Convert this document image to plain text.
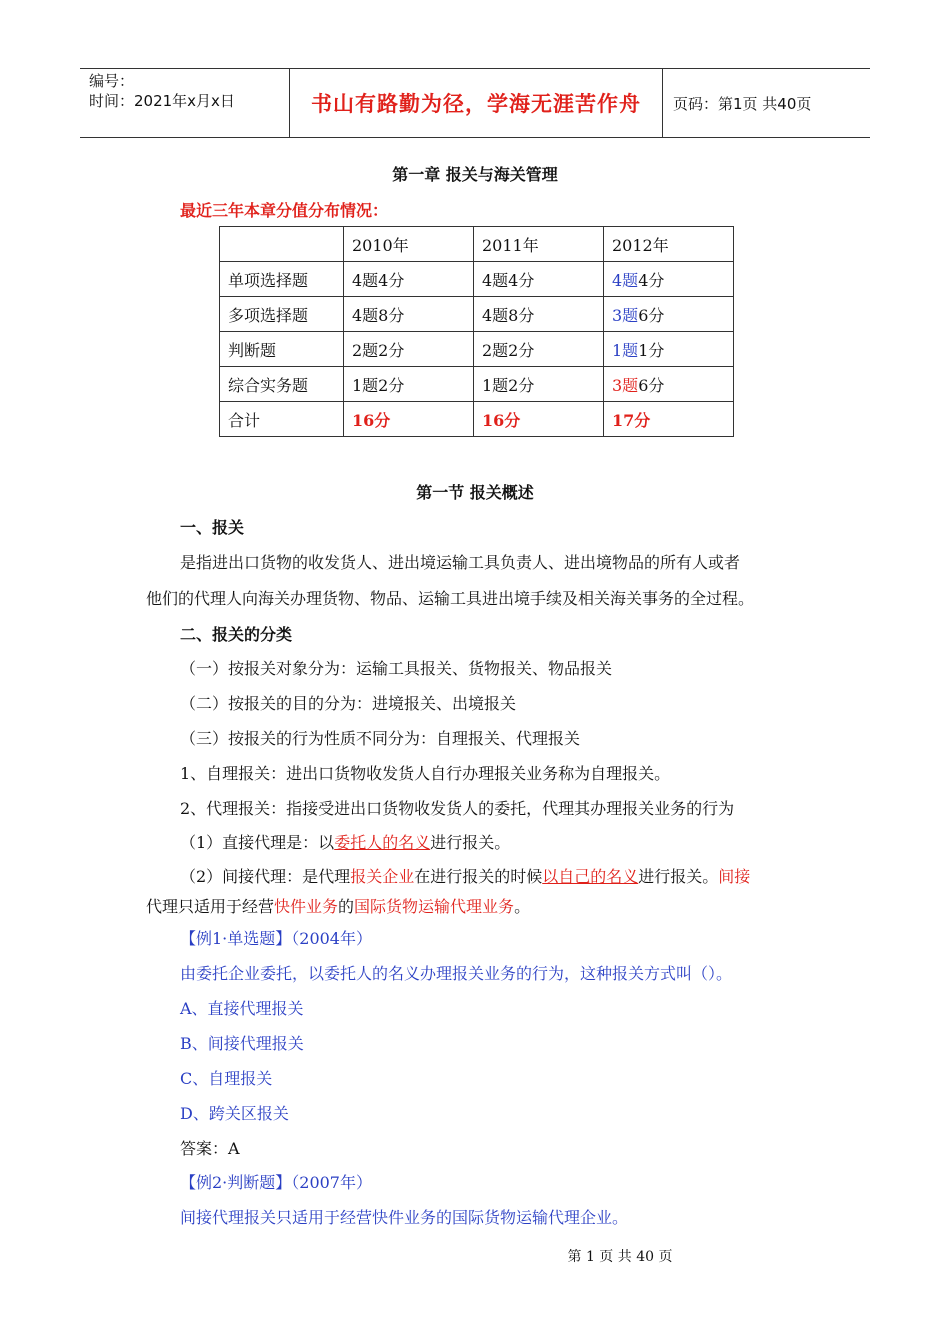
编号：
时间：2021年x月x日	书山有路勤为径，学海无涯苦作舟 页码：第1页 共40页
第一章 报关与海关管理
最近三年本章分值分布情况：
	2010年	2011年	2012年
单项选择题	4题4分	4题4分	4题4分
多项选择题	4题8分	4题8分	3题6分
判断题	2题2分	2题2分	1题1分
综合实务题	1题2分	1题2分	3题6分
合计	16分	16分	17分
第一节 报关概述
一、报关
是指进出口货物的收发货人、进出境运输工具负责人、进出境物品的所有人或者
他们的代理人向海关办理货物、物品、运输工具进出境手续及相关海关事务的全过程。
二、报关的分类
（一）按报关对象分为：运输工具报关、货物报关、物品报关
（二）按报关的目的分为：进境报关、出境报关
（三）按报关的行为性质不同分为：自理报关、代理报关
1、自理报关：进出口货物收发货人自行办理报关业务称为自理报关。
2、代理报关：指接受进出口货物收发货人的委托，代理其办理报关业务的行为
（1）直接代理是：以委托人的名义进行报关。
（2）间接代理：是代理报关企业在进行报关的时候以自己的名义进行报关。间接
代理只适用于经营快件业务的国际货物运输代理业务。
【例1·单选题】（2004年）
由委托企业委托，以委托人的名义办理报关业务的行为，这种报关方式叫（）。
A、直接代理报关
B、间接代理报关
C、自理报关
D、跨关区报关
答案：A
【例2·判断题】（2007年）
间接代理报关只适用于经营快件业务的国际货物运输代理企业。
第 1 页 共 40 页
